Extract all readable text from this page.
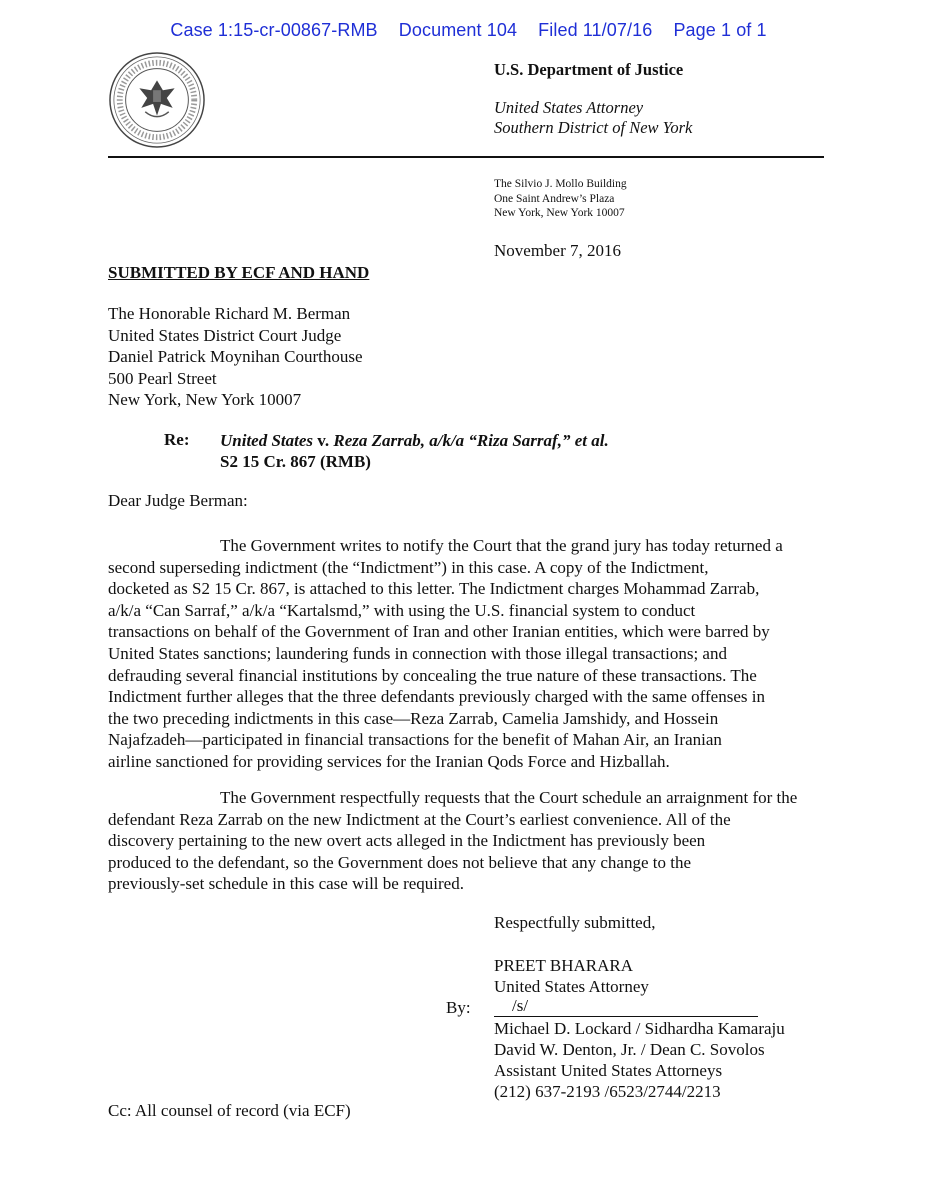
Case 1:15-cr-00867-RMB Document 104 Filed 11/07/16 Page 1 of 1
U.S. Department of Justice
United States Attorney
Southern District of New York
The Silvio J. Mollo Building
One Saint Andrew’s Plaza
New York, New York 10007
November 7, 2016
SUBMITTED BY ECF AND HAND
The Honorable Richard M. Berman
United States District Court Judge
Daniel Patrick Moynihan Courthouse
500 Pearl Street
New York, New York 10007
Re: United States v. Reza Zarrab, a/k/a “Riza Sarraf,” et al.
S2 15 Cr. 867 (RMB)
Dear Judge Berman:
The Government writes to notify the Court that the grand jury has today returned a
second superseding indictment (the “Indictment”) in this case. A copy of the Indictment,
docketed as S2 15 Cr. 867, is attached to this letter. The Indictment charges Mohammad Zarrab,
a/k/a “Can Sarraf,” a/k/a “Kartalsmd,” with using the U.S. financial system to conduct
transactions on behalf of the Government of Iran and other Iranian entities, which were barred by
United States sanctions; laundering funds in connection with those illegal transactions; and
defrauding several financial institutions by concealing the true nature of these transactions. The
Indictment further alleges that the three defendants previously charged with the same offenses in
the two preceding indictments in this case—Reza Zarrab, Camelia Jamshidy, and Hossein
Najafzadeh—participated in financial transactions for the benefit of Mahan Air, an Iranian
airline sanctioned for providing services for the Iranian Qods Force and Hizballah.
The Government respectfully requests that the Court schedule an arraignment for the
defendant Reza Zarrab on the new Indictment at the Court’s earliest convenience. All of the
discovery pertaining to the new overt acts alleged in the Indictment has previously been
produced to the defendant, so the Government does not believe that any change to the
previously-set schedule in this case will be required.
Respectfully submitted,
PREET BHARARA
United States Attorney
By:	/s/
Michael D. Lockard / Sidhardha Kamaraju
David W. Denton, Jr. / Dean C. Sovolos
Assistant United States Attorneys
(212) 637-2193 /6523/2744/2213
Cc: All counsel of record (via ECF)
